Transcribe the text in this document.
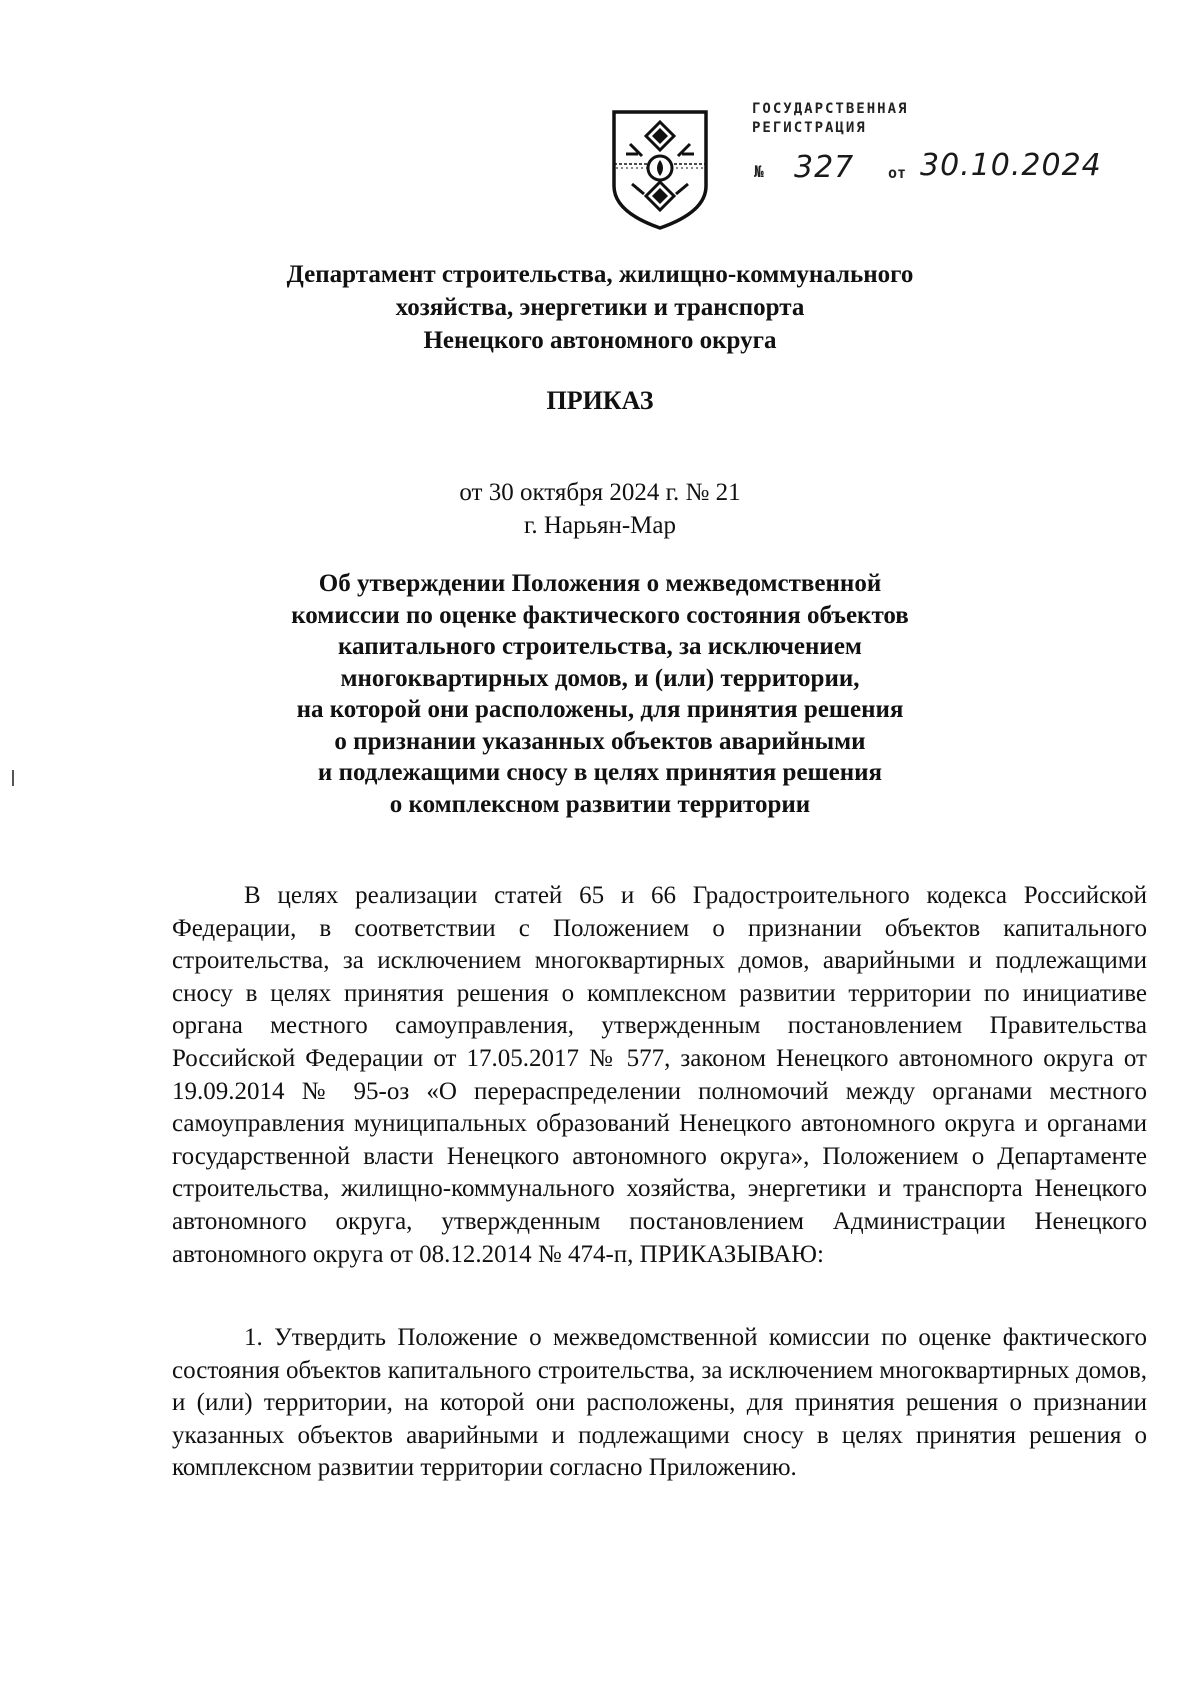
ГОСУДАРСТВЕННАЯ
РЕГИСТРАЦИЯ
№ 327 от 30.10.2024
Департамент строительства, жилищно-коммунального
хозяйства, энергетики и транспорта
Ненецкого автономного округа
ПРИКАЗ
от 30 октября 2024 г. № 21
г. Нарьян-Мар
Об утверждении Положения о межведомственной
комиссии по оценке фактического состояния объектов
капитального строительства, за исключением
многоквартирных домов, и (или) территории,
на которой они расположены, для принятия решения
о признании указанных объектов аварийными
и подлежащими сносу в целях принятия решения
о комплексном развитии территории

В целях реализации статей 65 и 66 Градостроительного кодекса Российской Федерации, в соответствии с Положением о признании объектов капитального строительства, за исключением многоквартирных домов, аварийными и подлежащими сносу в целях принятия решения о комплексном развитии территории по инициативе органа местного самоуправления, утвержденным постановлением Правительства Российской Федерации от 17.05.2017 № 577, законом Ненецкого автономного округа от 19.09.2014 № 95-оз «О перераспределении полномочий между органами местного самоуправления муниципальных образований Ненецкого автономного округа и органами государственной власти Ненецкого автономного округа», Положением о Департаменте строительства, жилищно-коммунального хозяйства, энергетики и транспорта Ненецкого автономного округа, утвержденным постановлением Администрации Ненецкого автономного округа от 08.12.2014 № 474-п, ПРИКАЗЫВАЮ:

1. Утвердить Положение о межведомственной комиссии по оценке фактического состояния объектов капитального строительства, за исключением многоквартирных домов, и (или) территории, на которой они расположены, для принятия решения о признании указанных объектов аварийными и подлежащими сносу в целях принятия решения о комплексном развитии территории согласно Приложению.
